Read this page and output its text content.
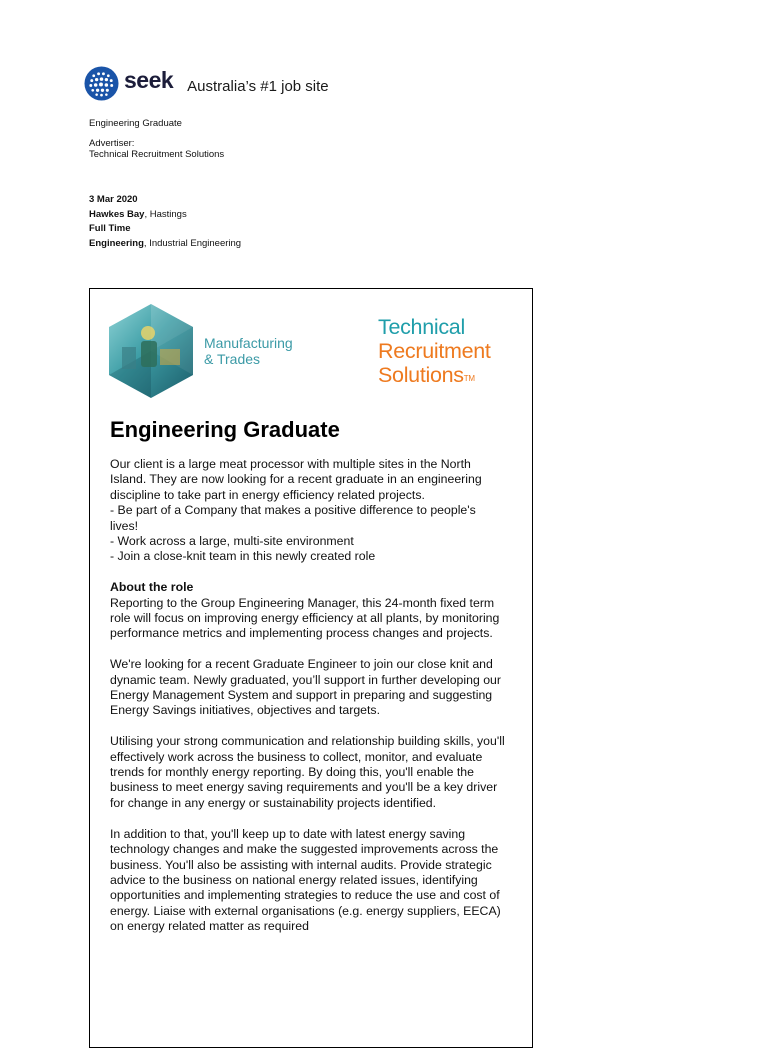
seek Australia’s #1 job site
Engineering Graduate
Advertiser:
Technical Recruitment Solutions
3 Mar 2020
Hawkes Bay, Hastings
Full Time
Engineering, Industrial Engineering
Manufacturing
& Trades
Technical
Recruitment
Solutions™
Engineering Graduate

Our client is a large meat processor with multiple sites in the North
Island. They are now looking for a recent graduate in an engineering
discipline to take part in energy efficiency related projects.
- Be part of a Company that makes a positive difference to people's
lives!
- Work across a large, multi-site environment
- Join a close-knit team in this newly created role

About the role
Reporting to the Group Engineering Manager, this 24-month fixed term
role will focus on improving energy efficiency at all plants, by monitoring
performance metrics and implementing process changes and projects.

We're looking for a recent Graduate Engineer to join our close knit and
dynamic team. Newly graduated, you’ll support in further developing our
Energy Management System and support in preparing and suggesting
Energy Savings initiatives, objectives and targets.

Utilising your strong communication and relationship building skills, you'll
effectively work across the business to collect, monitor, and evaluate
trends for monthly energy reporting. By doing this, you'll enable the
business to meet energy saving requirements and you'll be a key driver
for change in any energy or sustainability projects identified.

In addition to that, you'll keep up to date with latest energy saving
technology changes and make the suggested improvements across the
business. You'll also be assisting with internal audits. Provide strategic
advice to the business on national energy related issues, identifying
opportunities and implementing strategies to reduce the use and cost of
energy. Liaise with external organisations (e.g. energy suppliers, EECA)
on energy related matter as required
